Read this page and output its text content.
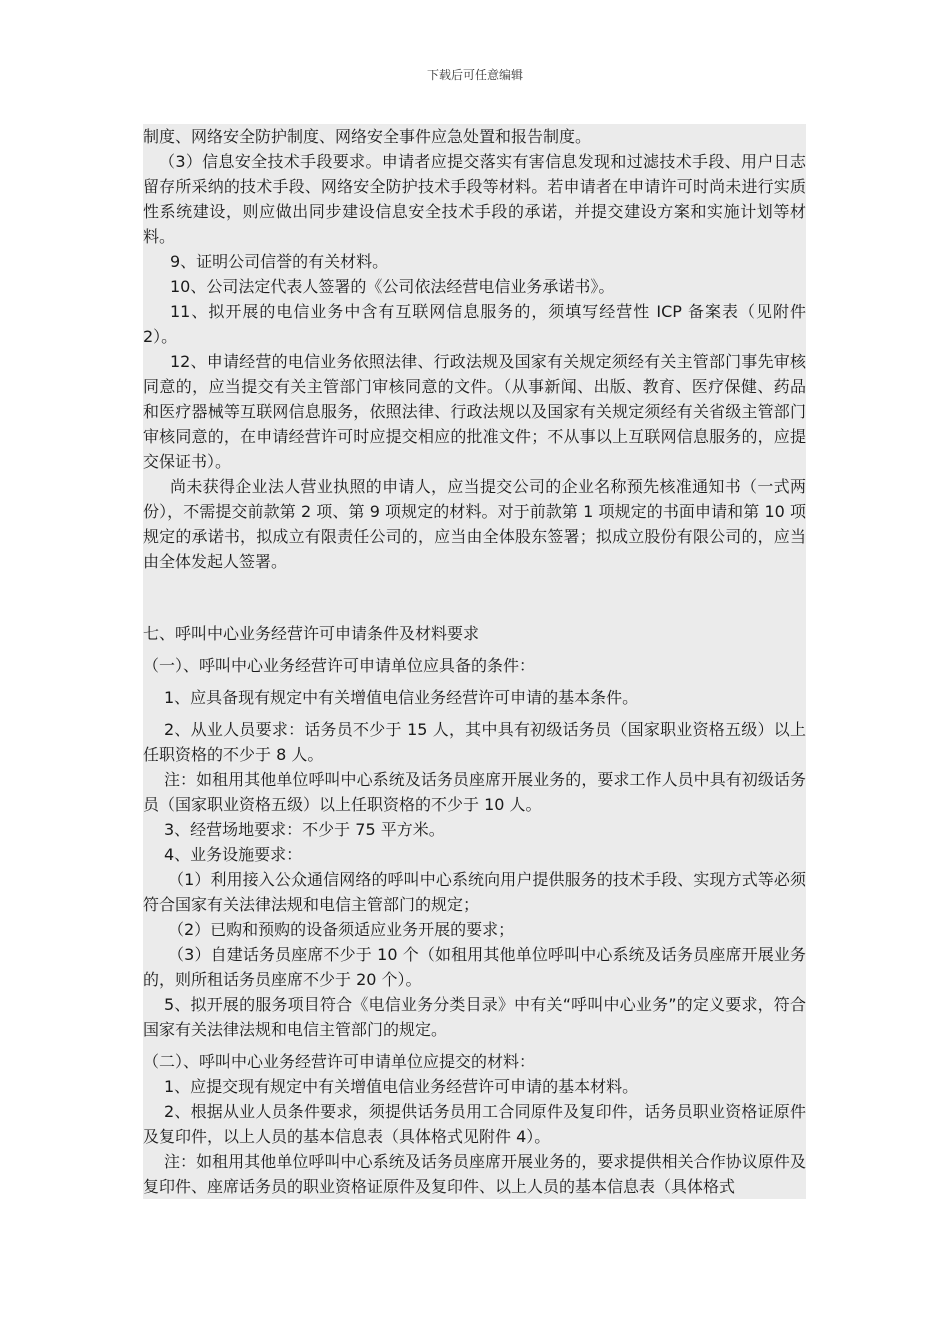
下载后可任意编辑

制度、网络安全防护制度、网络安全事件应急处置和报告制度。

（3）信息安全技术手段要求。申请者应提交落实有害信息发现和过滤技术手段、用户日志留存所采纳的技术手段、网络安全防护技术手段等材料。若申请者在申请许可时尚未进行实质性系统建设，则应做出同步建设信息安全技术手段的承诺，并提交建设方案和实施计划等材料。

9、证明公司信誉的有关材料。

10、公司法定代表人签署的《公司依法经营电信业务承诺书》。

11、拟开展的电信业务中含有互联网信息服务的，须填写经营性 ICP 备案表（见附件 2）。

12、申请经营的电信业务依照法律、行政法规及国家有关规定须经有关主管部门事先审核同意的，应当提交有关主管部门审核同意的文件。（从事新闻、出版、教育、医疗保健、药品和医疗器械等互联网信息服务，依照法律、行政法规以及国家有关规定须经有关省级主管部门审核同意的，在申请经营许可时应提交相应的批准文件；不从事以上互联网信息服务的，应提交保证书）。

尚未获得企业法人营业执照的申请人，应当提交公司的企业名称预先核准通知书（一式两份），不需提交前款第 2 项、第 9 项规定的材料。对于前款第 1 项规定的书面申请和第 10 项规定的承诺书，拟成立有限责任公司的，应当由全体股东签署；拟成立股份有限公司的，应当由全体发起人签署。

七、呼叫中心业务经营许可申请条件及材料要求

（一）、呼叫中心业务经营许可申请单位应具备的条件：

1、应具备现有规定中有关增值电信业务经营许可申请的基本条件。

2、从业人员要求：话务员不少于 15 人，其中具有初级话务员（国家职业资格五级）以上任职资格的不少于 8 人。

注：如租用其他单位呼叫中心系统及话务员座席开展业务的，要求工作人员中具有初级话务员（国家职业资格五级）以上任职资格的不少于 10 人。

3、经营场地要求：不少于 75 平方米。

4、业务设施要求：

（1）利用接入公众通信网络的呼叫中心系统向用户提供服务的技术手段、实现方式等必须符合国家有关法律法规和电信主管部门的规定；

（2）已购和预购的设备须适应业务开展的要求；

（3）自建话务员座席不少于 10 个（如租用其他单位呼叫中心系统及话务员座席开展业务的，则所租话务员座席不少于 20 个）。

5、拟开展的服务项目符合《电信业务分类目录》中有关“呼叫中心业务”的定义要求，符合国家有关法律法规和电信主管部门的规定。

（二）、呼叫中心业务经营许可申请单位应提交的材料：

1、应提交现有规定中有关增值电信业务经营许可申请的基本材料。

2、根据从业人员条件要求，须提供话务员用工合同原件及复印件，话务员职业资格证原件及复印件，以上人员的基本信息表（具体格式见附件 4）。

注：如租用其他单位呼叫中心系统及话务员座席开展业务的，要求提供相关合作协议原件及复印件、座席话务员的职业资格证原件及复印件、以上人员的基本信息表（具体格式
